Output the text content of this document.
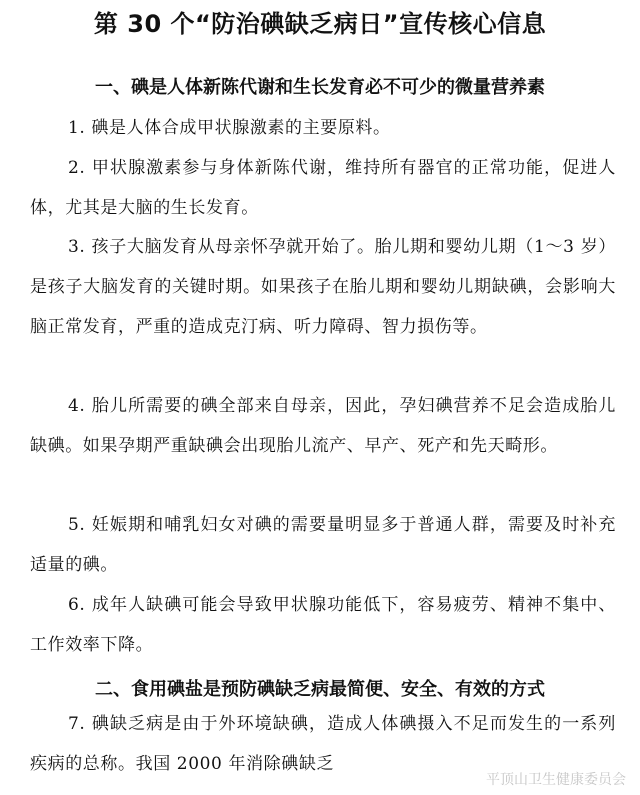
第 30 个“防治碘缺乏病日”宣传核心信息
一、碘是人体新陈代谢和生长发育必不可少的微量营养素

1. 碘是人体合成甲状腺激素的主要原料。

2. 甲状腺激素参与身体新陈代谢，维持所有器官的正常功能，促进人体，尤其是大脑的生长发育。

3. 孩子大脑发育从母亲怀孕就开始了。胎儿期和婴幼儿期（1～3 岁）是孩子大脑发育的关键时期。如果孩子在胎儿期和婴幼儿期缺碘，会影响大脑正常发育，严重的造成克汀病、听力障碍、智力损伤等。

4. 胎儿所需要的碘全部来自母亲，因此，孕妇碘营养不足会造成胎儿缺碘。如果孕期严重缺碘会出现胎儿流产、早产、死产和先天畸形。

5. 妊娠期和哺乳妇女对碘的需要量明显多于普通人群，需要及时补充适量的碘。

6. 成年人缺碘可能会导致甲状腺功能低下，容易疲劳、精神不集中、工作效率下降。

二、食用碘盐是预防碘缺乏病最简便、安全、有效的方式

7. 碘缺乏病是由于外环境缺碘，造成人体碘摄入不足而发生的一系列疾病的总称。我国 2000 年消除碘缺乏

平顶山卫生健康委员会
